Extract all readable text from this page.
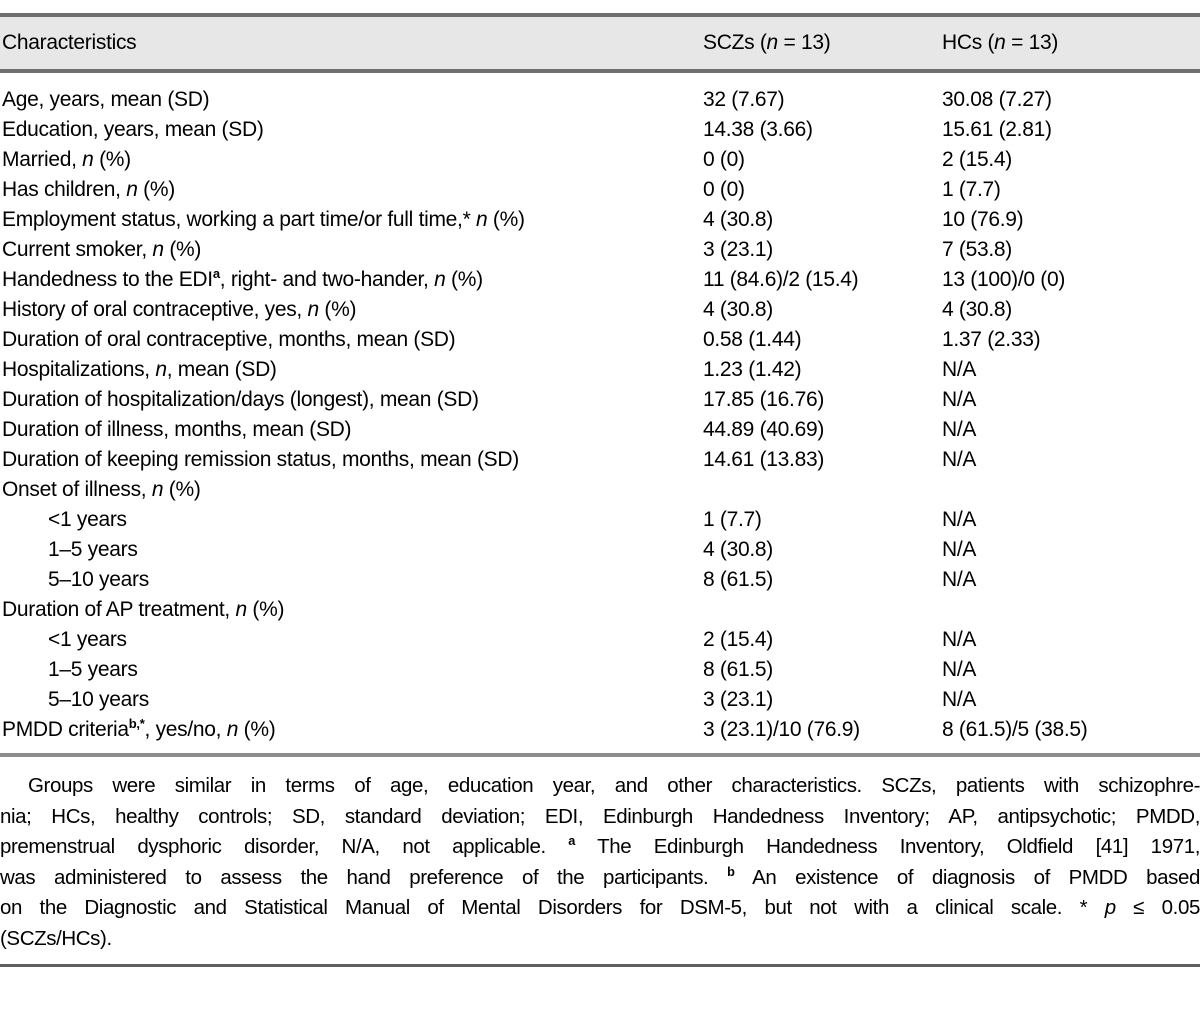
Characteristics	SCZs (n = 13)	HCs (n = 13)
Age, years, mean (SD)	32 (7.67)	30.08 (7.27)
Education, years, mean (SD)	14.38 (3.66)	15.61 (2.81)
Married, n (%)	0 (0)	2 (15.4)
Has children, n (%)	0 (0)	1 (7.7)
Employment status, working a part time/or full time,* n (%)	4 (30.8)	10 (76.9)
Current smoker, n (%)	3 (23.1)	7 (53.8)
Handedness to the EDI$^a$, right- and two-hander, n (%)	11 (84.6)/2 (15.4)	13 (100)/0 (0)
History of oral contraceptive, yes, n (%)	4 (30.8)	4 (30.8)
Duration of oral contraceptive, months, mean (SD)	0.58 (1.44)	1.37 (2.33)
Hospitalizations, n, mean (SD)	1.23 (1.42)	N/A
Duration of hospitalization/days (longest), mean (SD)	17.85 (16.76)	N/A
Duration of illness, months, mean (SD)	44.89 (40.69)	N/A
Duration of keeping remission status, months, mean (SD)	14.61 (13.83)	N/A
Onset of illness, n (%)
<1 years	1 (7.7)	N/A
1–5 years	4 (30.8)	N/A
5–10 years	8 (61.5)	N/A
Duration of AP treatment, n (%)
<1 years	2 (15.4)	N/A
1–5 years	8 (61.5)	N/A
5–10 years	3 (23.1)	N/A
PMDD criteria$^{b,*}$, yes/no, n (%)	3 (23.1)/10 (76.9)	8 (61.5)/5 (38.5)
Groups were similar in terms of age, education year, and other characteristics. SCZs, patients with schizophre-
nia; HCs, healthy controls; SD, standard deviation; EDI, Edinburgh Handedness Inventory; AP, antipsychotic; PMDD,
premenstrual dysphoric disorder, N/A, not applicable. $^a$ The Edinburgh Handedness Inventory, Oldfield [41] 1971,
was administered to assess the hand preference of the participants. $^b$ An existence of diagnosis of PMDD based
on the Diagnostic and Statistical Manual of Mental Disorders for DSM-5, but not with a clinical scale. * p ≤ 0.05
(SCZs/HCs).
